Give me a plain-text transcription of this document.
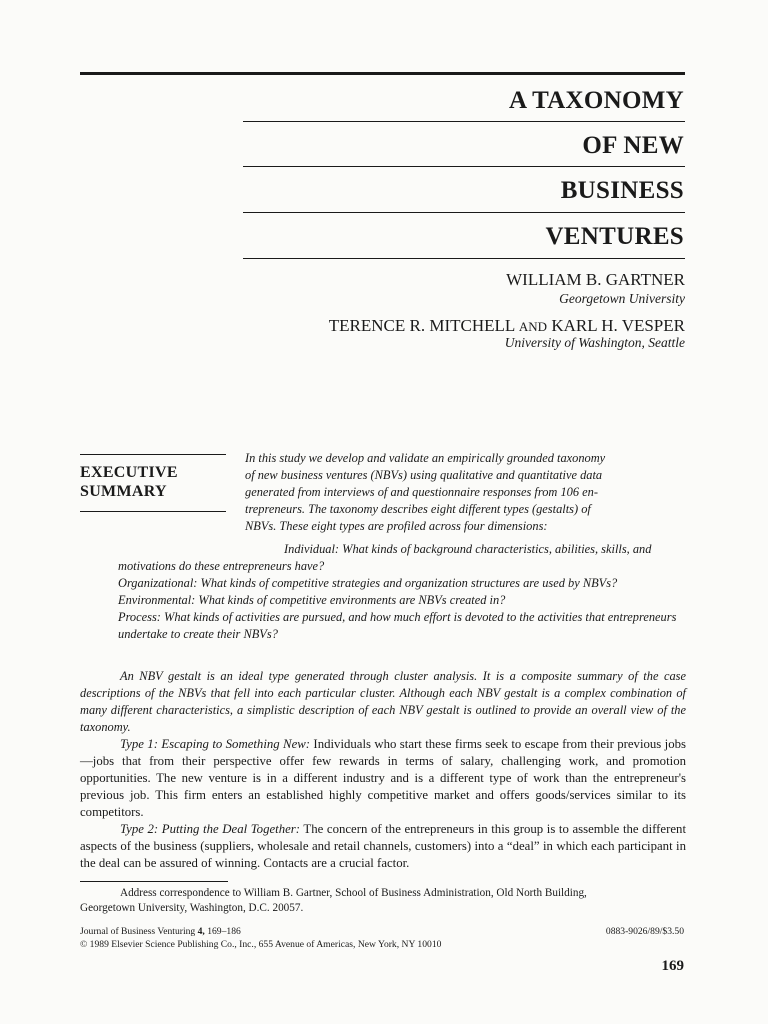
A TAXONOMY
OF NEW
BUSINESS
VENTURES
WILLIAM B. GARTNER
Georgetown University
TERENCE R. MITCHELL AND KARL H. VESPER
University of Washington, Seattle
EXECUTIVE
SUMMARY
In this study we develop and validate an empirically grounded taxonomy
of new business ventures (NBVs) using qualitative and quantitative data
generated from interviews of and questionnaire responses from 106 en-
trepreneurs. The taxonomy describes eight different types (gestalts) of
NBVs. These eight types are profiled across four dimensions:

Individual: What kinds of background characteristics, abilities, skills, and motivations do these entrepreneurs have?

Organizational: What kinds of competitive strategies and organization structures are used by NBVs?

Environmental: What kinds of competitive environments are NBVs created in?

Process: What kinds of activities are pursued, and how much effort is devoted to the activities that entrepreneurs undertake to create their NBVs?

An NBV gestalt is an ideal type generated through cluster analysis. It is a composite summary of the case descriptions of the NBVs that fell into each particular cluster. Although each NBV gestalt is a complex combination of many different characteristics, a simplistic description of each NBV gestalt is outlined to provide an overall view of the taxonomy.

Type 1: Escaping to Something New: Individuals who start these firms seek to escape from their previous jobs—jobs that from their perspective offer few rewards in terms of salary, challenging work, and promotion opportunities. The new venture is in a different industry and is a different type of work than the entrepreneur's previous job. This firm enters an established highly competitive market and offers goods/services similar to its competitors.

Type 2: Putting the Deal Together: The concern of the entrepreneurs in this group is to assemble the different aspects of the business (suppliers, wholesale and retail channels, customers) into a “deal” in which each participant in the deal can be assured of winning. Contacts are a crucial factor.

Address correspondence to William B. Gartner, School of Business Administration, Old North Building,
Georgetown University, Washington, D.C. 20057.
Journal of Business Venturing 4, 169–186	0883-9026/89/$3.50
© 1989 Elsevier Science Publishing Co., Inc., 655 Avenue of Americas, New York, NY 10010
169
